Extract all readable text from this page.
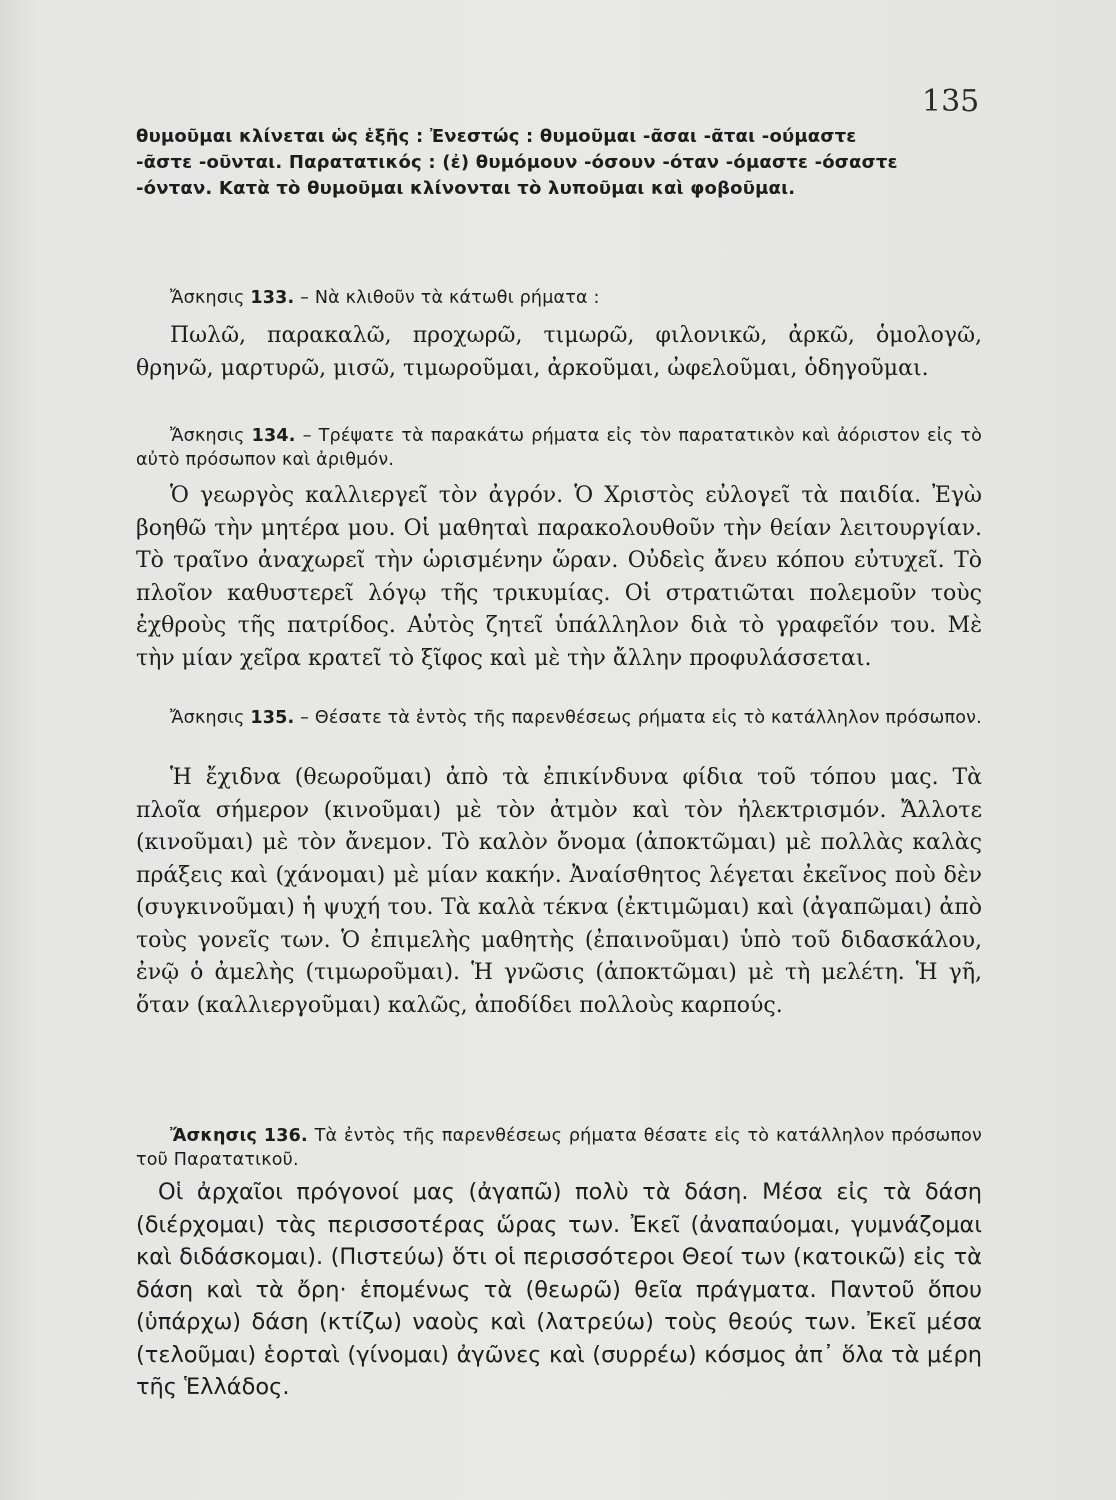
135
θυμοῦμαι κλίνεται ὡς ἑξῆς : Ἐνεστώς : θυμοῦμαι -ᾶσαι -ᾶται -ούμαστε
-ᾶστε -οῦνται. Παρατατικός : (ἐ) θυμόμουν -όσουν -όταν -όμαστε -όσαστε
-όνταν. Κατὰ τὸ θυμοῦμαι κλίνονται τὸ λυποῦμαι καὶ φοβοῦμαι.
Ἄσκησις 133. – Νὰ κλιθοῦν τὰ κάτωθι ρήματα :
Πωλῶ, παρακαλῶ, προχωρῶ, τιμωρῶ, φιλονικῶ, ἀρκῶ, ὁμολογῶ, θρηνῶ, μαρτυρῶ, μισῶ, τιμωροῦμαι, ἀρκοῦμαι, ὠφελοῦμαι, ὁδηγοῦμαι.
Ἄσκησις 134. – Τρέψατε τὰ παρακάτω ρήματα εἰς τὸν παρατατικὸν καὶ ἀόριστον εἰς τὸ αὐτὸ πρόσωπον καὶ ἀριθμόν.
Ὁ γεωργὸς καλλιεργεῖ τὸν ἀγρόν. Ὁ Χριστὸς εὐλογεῖ τὰ παιδία. Ἐγὼ βοηθῶ τὴν μητέρα μου. Οἱ μαθηταὶ παρακολουθοῦν τὴν θείαν λειτουργίαν. Τὸ τραῖνο ἀναχωρεῖ τὴν ὡρισμένην ὥραν. Οὐδεὶς ἄνευ κόπου εὐτυχεῖ. Τὸ πλοῖον καθυστερεῖ λόγῳ τῆς τρικυμίας. Οἱ στρατιῶται πολεμοῦν τοὺς ἐχθροὺς τῆς πατρίδος. Αὐτὸς ζητεῖ ὑπάλληλον διὰ τὸ γραφεῖόν του. Μὲ τὴν μίαν χεῖρα κρατεῖ τὸ ξῖφος καὶ μὲ τὴν ἄλλην προφυλάσσεται.
Ἄσκησις 135. – Θέσατε τὰ ἐντὸς τῆς παρενθέσεως ρήματα εἰς τὸ κατάλληλον πρόσωπον.
Ἡ ἔχιδνα (θεωροῦμαι) ἀπὸ τὰ ἐπικίνδυνα φίδια τοῦ τόπου μας. Τὰ πλοῖα σήμερον (κινοῦμαι) μὲ τὸν ἀτμὸν καὶ τὸν ἠλεκτρισμόν. Ἄλλοτε (κινοῦμαι) μὲ τὸν ἄνεμον. Τὸ καλὸν ὄνομα (ἀποκτῶμαι) μὲ πολλὰς καλὰς πράξεις καὶ (χάνομαι) μὲ μίαν κακήν. Ἀναίσθητος λέγεται ἐκεῖνος ποὺ δὲν (συγκινοῦμαι) ἡ ψυχή του. Τὰ καλὰ τέκνα (ἐκτιμῶμαι) καὶ (ἀγαπῶμαι) ἀπὸ τοὺς γονεῖς των. Ὁ ἐπιμελὴς μαθητὴς (ἐπαινοῦμαι) ὑπὸ τοῦ διδασκάλου, ἐνῷ ὁ ἀμελὴς (τιμωροῦμαι). Ἡ γνῶσις (ἀποκτῶμαι) μὲ τὴ μελέτη. Ἡ γῆ, ὅταν (καλλιεργοῦμαι) καλῶς, ἀποδίδει πολλοὺς καρπούς.
Ἄσκησις 136. Τὰ ἐντὸς τῆς παρενθέσεως ρήματα θέσατε εἰς τὸ κατάλληλον πρόσωπον τοῦ Παρατατικοῦ.
Οἱ ἀρχαῖοι πρόγονοί μας (ἀγαπῶ) πολὺ τὰ δάση. Μέσα εἰς τὰ δάση (διέρχομαι) τὰς περισσοτέρας ὥρας των. Ἐκεῖ (ἀναπαύομαι, γυμνάζομαι καὶ διδάσκομαι). (Πιστεύω) ὅτι οἱ περισσότεροι Θεοί των (κατοικῶ) εἰς τὰ δάση καὶ τὰ ὄρη· ἑπομένως τὰ (θεωρῶ) θεῖα πράγματα. Παντοῦ ὅπου (ὑπάρχω) δάση (κτίζω) ναοὺς καὶ (λατρεύω) τοὺς θεούς των. Ἐκεῖ μέσα (τελοῦμαι) ἑορταὶ (γίνομαι) ἀγῶνες καὶ (συρρέω) κόσμος ἀπ᾽ ὅλα τὰ μέρη τῆς Ἑλλάδος.
